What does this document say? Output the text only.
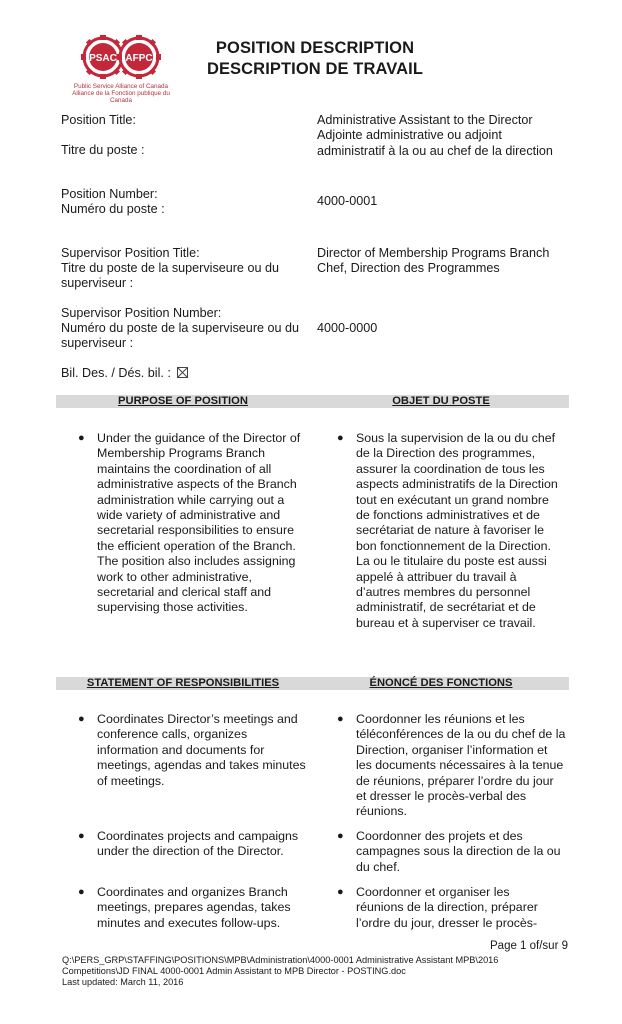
PSAC AFPC
Public Service Alliance of Canada
Alliance de la Fonction publique du Canada
POSITION DESCRIPTION
DESCRIPTION DE TRAVAIL
Position Title:
Titre du poste :
Administrative Assistant to the Director Adjointe administrative ou adjoint administratif à la ou au chef de la direction
Position Number:
Numéro du poste :
4000-0001
Supervisor Position Title:
Titre du poste de la superviseure ou du superviseur :
Director of Membership Programs Branch Chef, Direction des Programmes
Supervisor Position Number:
Numéro du poste de la superviseure ou du superviseur :
4000-0000
Bil. Des. / Dés. bil. :
PURPOSE OF POSITION	OBJET DU POSTE
● Under the guidance of the Director of Membership Programs Branch maintains the coordination of all administrative aspects of the Branch administration while carrying out a wide variety of administrative and secretarial responsibilities to ensure the efficient operation of the Branch. The position also includes assigning work to other administrative, secretarial and clerical staff and supervising those activities.
● Sous la supervision de la ou du chef de la Direction des programmes, assurer la coordination de tous les aspects administratifs de la Direction tout en exécutant un grand nombre de fonctions administratives et de secrétariat de nature à favoriser le bon fonctionnement de la Direction. La ou le titulaire du poste est aussi appelé à attribuer du travail à d’autres membres du personnel administratif, de secrétariat et de bureau et à superviser ce travail.
STATEMENT OF RESPONSIBILITIES	ÉNONCÉ DES FONCTIONS
● Coordinates Director’s meetings and conference calls, organizes information and documents for meetings, agendas and takes minutes of meetings.
● Coordonner les réunions et les téléconférences de la ou du chef de la Direction, organiser l’information et les documents nécessaires à la tenue de réunions, préparer l’ordre du jour et dresser le procès-verbal des réunions.
● Coordinates projects and campaigns under the direction of the Director.
● Coordonner des projets et des campagnes sous la direction de la ou du chef.
● Coordinates and organizes Branch meetings, prepares agendas, takes minutes and executes follow-ups.
● Coordonner et organiser les réunions de la direction, préparer l’ordre du jour, dresser le procès-
Page 1 of/sur 9
Q:\PERS_GRP\STAFFING\POSITIONS\MPB\Administration\4000-0001 Administrative Assistant MPB\2016
Competitions\JD FINAL 4000-0001 Admin Assistant to MPB Director - POSTING.doc
Last updated: March 11, 2016
